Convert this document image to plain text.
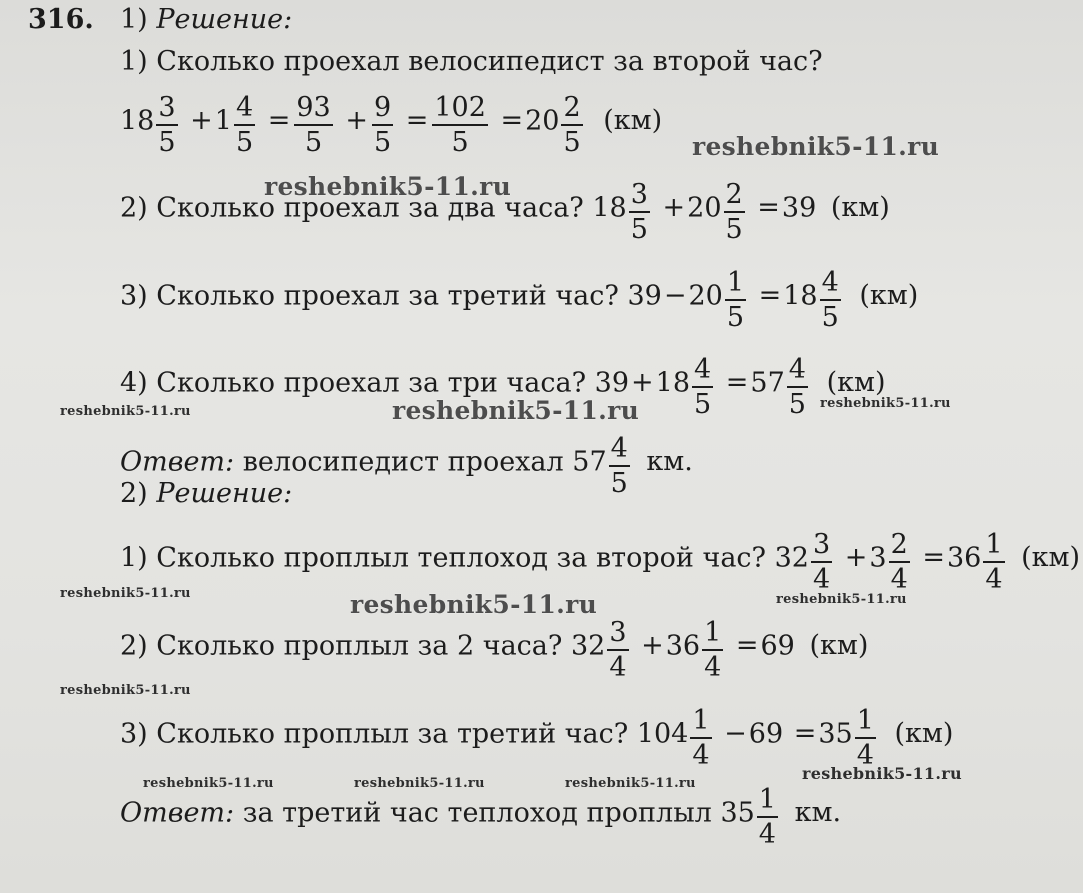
316. 1) Решение:
1) Сколько проехал велосипедист за второй час?
$18 \frac{3}{5} +1 \frac{4}{5} = \frac{93}{5} + \frac{9}{5} = \frac{102}{5} =20 \frac{2}{5} (км)$
2) Сколько проехал за два часа? $18 \frac{3}{5} +20 \frac{2}{5} =39$ (км)
3) Сколько проехал за третий час? $39-20 \frac{1}{5} =18 \frac{4}{5} (км)$
4) Сколько проехал за три часа? $39+18 \frac{4}{5} =57 \frac{4}{5} (км)$
Ответ: велосипедист проехал $57 \frac{4}{5}$ км.
2) Решение:
1) Сколько проплыл теплоход за второй час? $32 \frac{3}{4} +3 \frac{2}{4} =36 \frac{1}{4} (км)$
2) Сколько проплыл за 2 часа? $32 \frac{3}{4} +36 \frac{1}{4} =69$ (км)
3) Сколько проплыл за третий час? $104 \frac{1}{4} -69 =35 \frac{1}{4} (км)$
Ответ: за третий час теплоход проплыл $35 \frac{1}{4}$ км.
reshebnik5-11.ru
reshebnik5-11.ru
reshebnik5-11.ru
reshebnik5-11.ru
reshebnik5-11.ru
reshebnik5-11.ru
reshebnik5-11.ru	reshebnik5-11.ru
reshebnik5-11.ru
reshebnik5-11.ru	reshebnik5-11.ru	reshebnik5-11.ru
reshebnik5-11.ru
